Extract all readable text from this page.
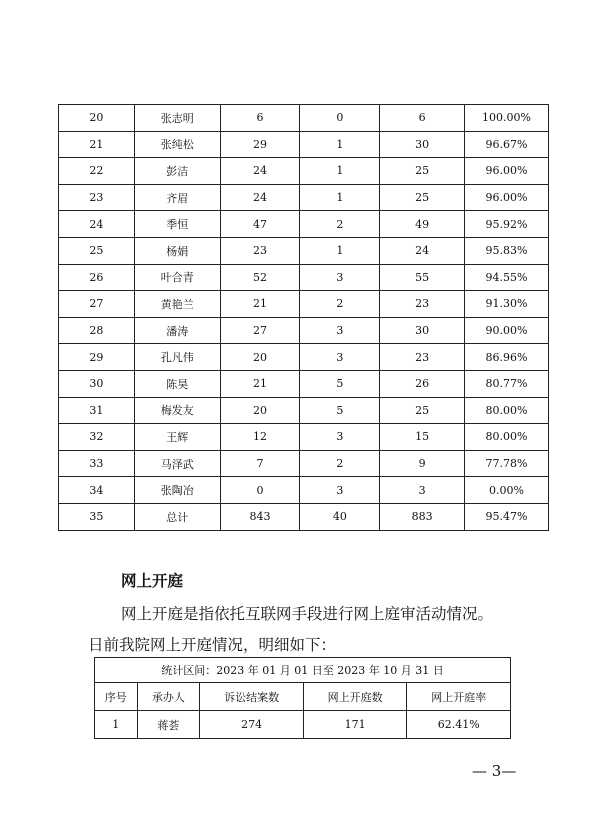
20	张志明	6	0	6	100.00%
21	张纯松	29	1	30	96.67%
22	彭洁	24	1	25	96.00%
23	齐眉	24	1	25	96.00%
24	季恒	47	2	49	95.92%
25	杨娟	23	1	24	95.83%
26	叶合青	52	3	55	94.55%
27	黄艳兰	21	2	23	91.30%
28	潘涛	27	3	30	90.00%
29	孔凡伟	20	3	23	86.96%
30	陈昊	21	5	26	80.77%
31	梅发友	20	5	25	80.00%
32	王辉	12	3	15	80.00%
33	马泽武	7	2	9	77.78%
34	张陶冶	0	3	3	0.00%
35	总计	843	40	883	95.47%
网上开庭
网上开庭是指依托互联网手段进行网上庭审活动情况。
日前我院网上开庭情况，明细如下：
统计区间：2023 年 01 月 01 日至 2023 年 10 月 31 日				
序号	承办人	诉讼结案数	网上开庭数	网上开庭率
1	蒋荟	274	171	62.41%
— 3—
